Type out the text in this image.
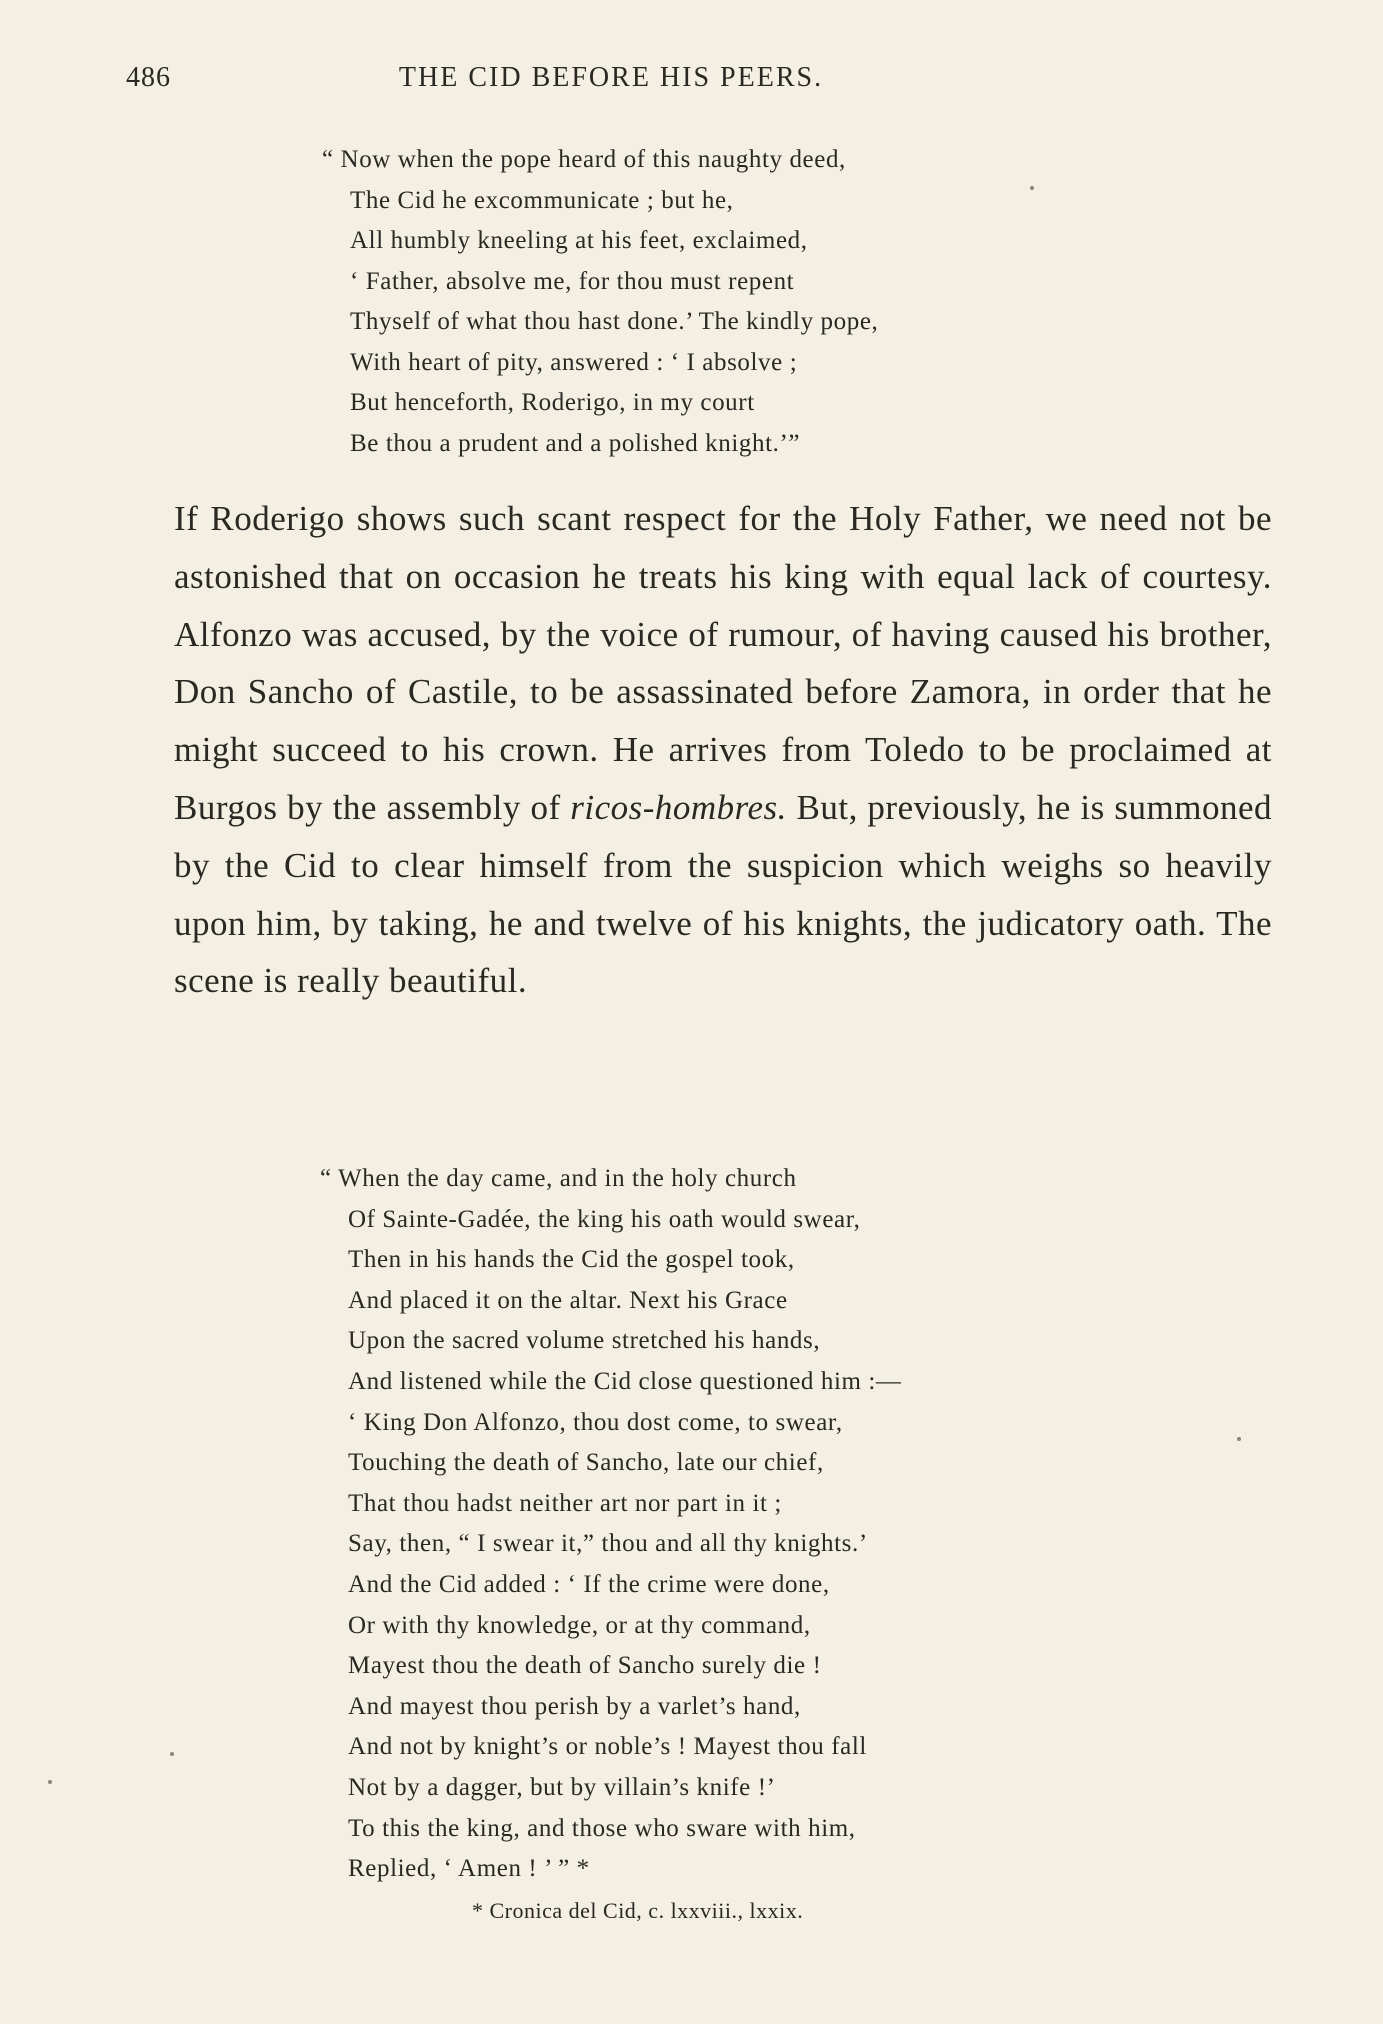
486	THE CID BEFORE HIS PEERS.
“ Now when the pope heard of this naughty deed,
The Cid he excommunicate ; but he,
All humbly kneeling at his feet, exclaimed,
‘ Father, absolve me, for thou must repent
Thyself of what thou hast done.’ The kindly pope,
With heart of pity, answered : ‘ I absolve ;
But henceforth, Roderigo, in my court
Be thou a prudent and a polished knight.’”

If Roderigo shows such scant respect for the Holy Father, we need not be astonished that on occasion he treats his king with equal lack of courtesy. Alfonzo was accused, by the voice of rumour, of having caused his brother, Don Sancho of Castile, to be assassinated before Zamora, in order that he might succeed to his crown. He arrives from Toledo to be proclaimed at Burgos by the assembly of ricos-hombres. But, previously, he is summoned by the Cid to clear himself from the suspicion which weighs so heavily upon him, by taking, he and twelve of his knights, the judicatory oath. The scene is really beautiful.

“ When the day came, and in the holy church
Of Sainte-Gadée, the king his oath would swear,
Then in his hands the Cid the gospel took,
And placed it on the altar. Next his Grace
Upon the sacred volume stretched his hands,
And listened while the Cid close questioned him :—
‘ King Don Alfonzo, thou dost come, to swear,
Touching the death of Sancho, late our chief,
That thou hadst neither art nor part in it ;
Say, then, “ I swear it,” thou and all thy knights.’
And the Cid added : ‘ If the crime were done,
Or with thy knowledge, or at thy command,
Mayest thou the death of Sancho surely die !
And mayest thou perish by a varlet’s hand,
And not by knight’s or noble’s ! Mayest thou fall
Not by a dagger, but by villain’s knife !’
To this the king, and those who sware with him,
Replied, ‘ Amen ! ’ ” *
* Cronica del Cid, c. lxxviii., lxxix.
